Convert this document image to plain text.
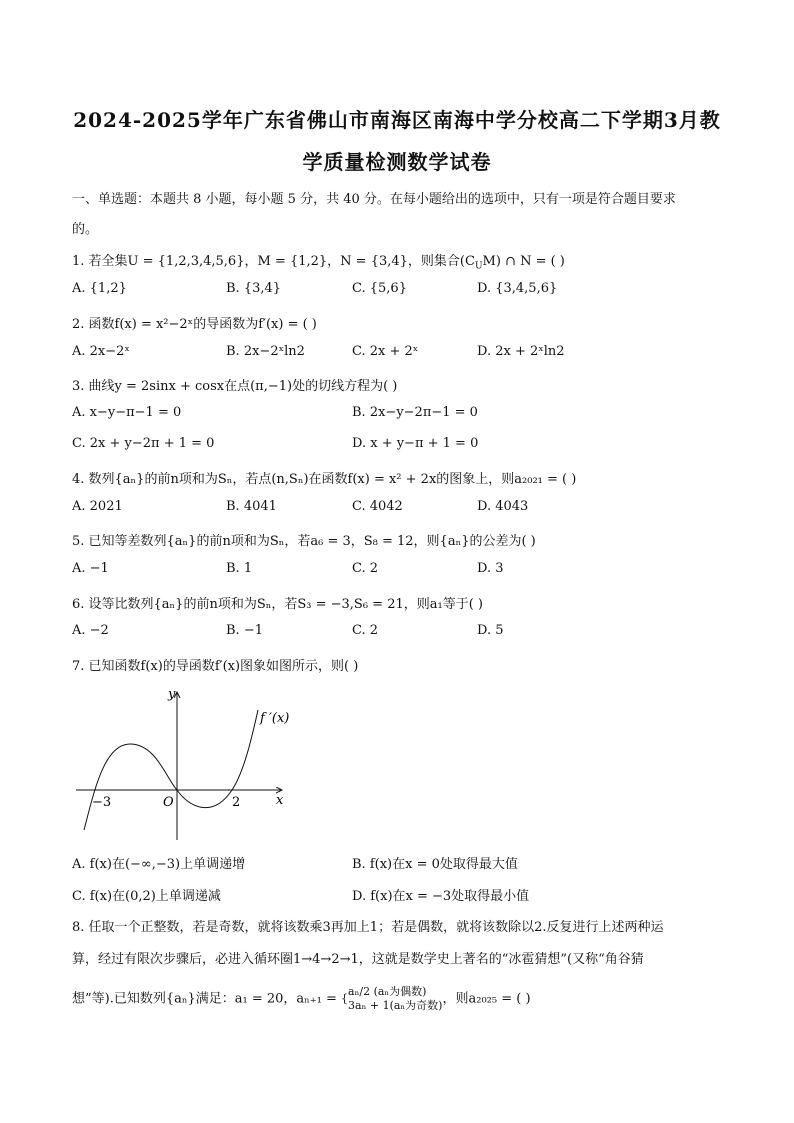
2024-2025学年广东省佛山市南海区南海中学分校高二下学期3月教
学质量检测数学试卷
一、单选题：本题共 8 小题，每小题 5 分，共 40 分。在每小题给出的选项中，只有一项是符合题目要求
的。
1. 若全集U = {1,2,3,4,5,6}，M = {1,2}，N = {3,4}，则集合$(C_UM)$ ∩ N = ( )
A. {1,2}	B. {3,4}	C. {5,6}	D. {3,4,5,6}
2. 函数f(x) = x²−2ˣ的导函数为f′(x) = ( )
A. 2x−2ˣ	B. 2x−2ˣln2	C. 2x + 2ˣ	D. 2x + 2ˣln2
3. 曲线y = 2sinx + cosx在点(π,−1)处的切线方程为( )
A. x−y−π−1 = 0	B. 2x−y−2π−1 = 0
C. 2x + y−2π + 1 = 0	D. x + y−π + 1 = 0
4. 数列{aₙ}的前n项和为Sₙ，若点(n,Sₙ)在函数f(x) = x² + 2x的图象上，则a₂₀₂₁ = ( )
A. 2021	B. 4041	C. 4042	D. 4043
5. 已知等差数列{aₙ}的前n项和为Sₙ，若a₆ = 3，S₈ = 12，则{aₙ}的公差为( )
A. −1	B. 1	C. 2	D. 3
6. 设等比数列{aₙ}的前n项和为Sₙ，若S₃ = −3,S₆ = 21，则a₁等于( )
A. −2	B. −1	C. 2	D. 5
7. 已知函数f(x)的导函数f′(x)图象如图所示，则( )
y
x
O
−3	2
f ′(x)
A. f(x)在(−∞,−3)上单调递增	B. f(x)在x = 0处取得最大值
C. f(x)在(0,2)上单调递减	D. f(x)在x = −3处取得最小值
8. 任取一个正整数，若是奇数，就将该数乘3再加上1；若是偶数，就将该数除以2.反复进行上述两种运
算，经过有限次步骤后，必进入循环圈1→4→2→1，这就是数学史上著名的“冰雹猜想”(又称“角谷猜
想”等).已知数列{aₙ}满足：a₁ = 20，aₙ₊₁ = {
aₙ/2 (aₙ为偶数)
3aₙ + 1(aₙ为奇数) ，则a₂₀₂₅ = ( )
